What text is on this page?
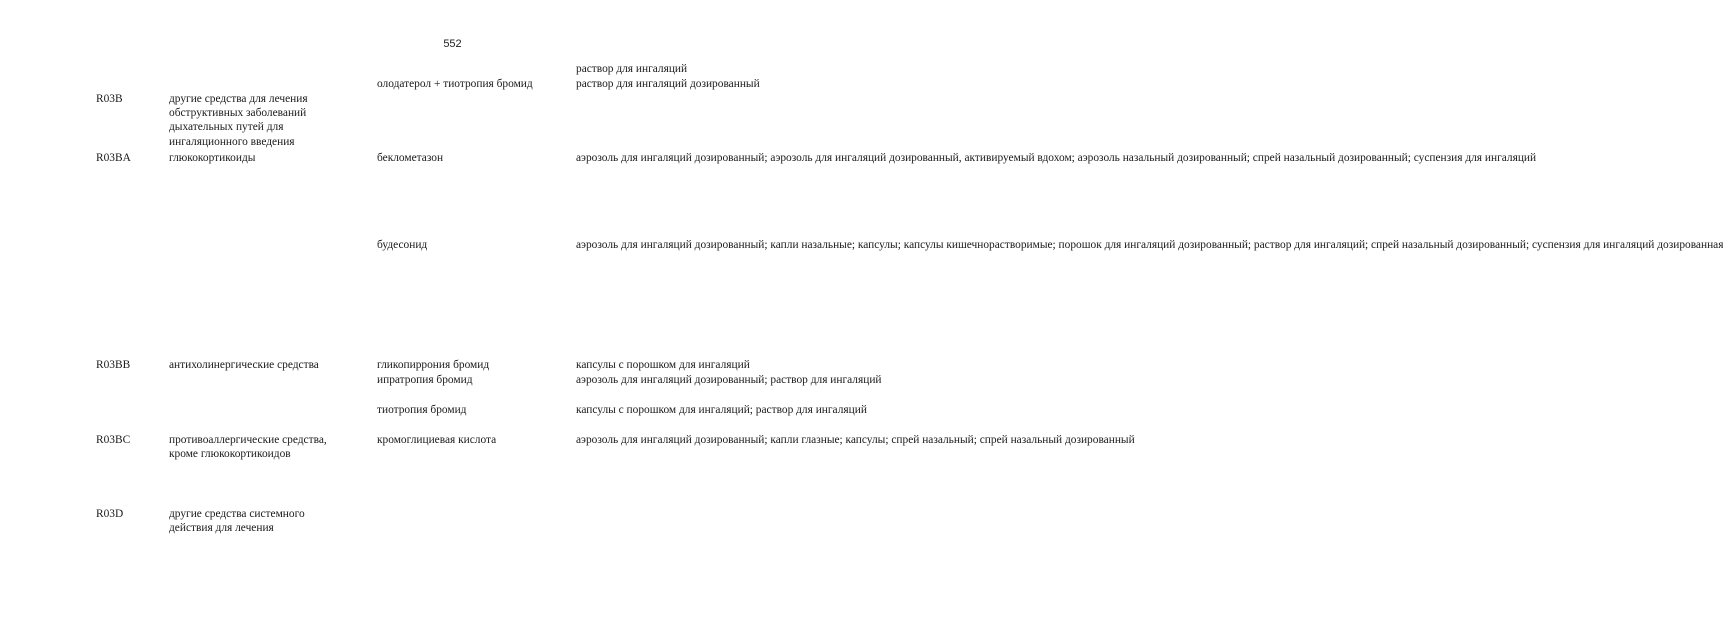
552
раствор для ингаляций
олодатерол + тиотропия бромид	раствор для ингаляций дозированный
R03B	другие средства для лечения
обструктивных заболеваний
дыхательных путей для
ингаляционного введения
R03BA	глюкокортикоиды	беклометазон	аэрозоль для ингаляций дозированный; аэрозоль для ингаляций дозированный, активируемый вдохом; аэрозоль назальный дозированный; спрей назальный дозированный; суспензия для ингаляций
будесонид	аэрозоль для ингаляций дозированный; капли назальные; капсулы; капсулы кишечнорастворимые; порошок для ингаляций дозированный; раствор для ингаляций; спрей назальный дозированный; суспензия для ингаляций дозированная
R03BB	антихолинергические средства	гликопиррония бромид	капсулы с порошком для ингаляций
ипратропия бромид	аэрозоль для ингаляций дозированный; раствор для ингаляций
тиотропия бромид	капсулы с порошком для ингаляций; раствор для ингаляций
R03BC	противоаллергические средства,
кроме глюкокортикоидов
кромоглициевая кислота	аэрозоль для ингаляций дозированный; капли глазные; капсулы; спрей назальный; спрей назальный дозированный
R03D	другие средства системного
действия для лечения
